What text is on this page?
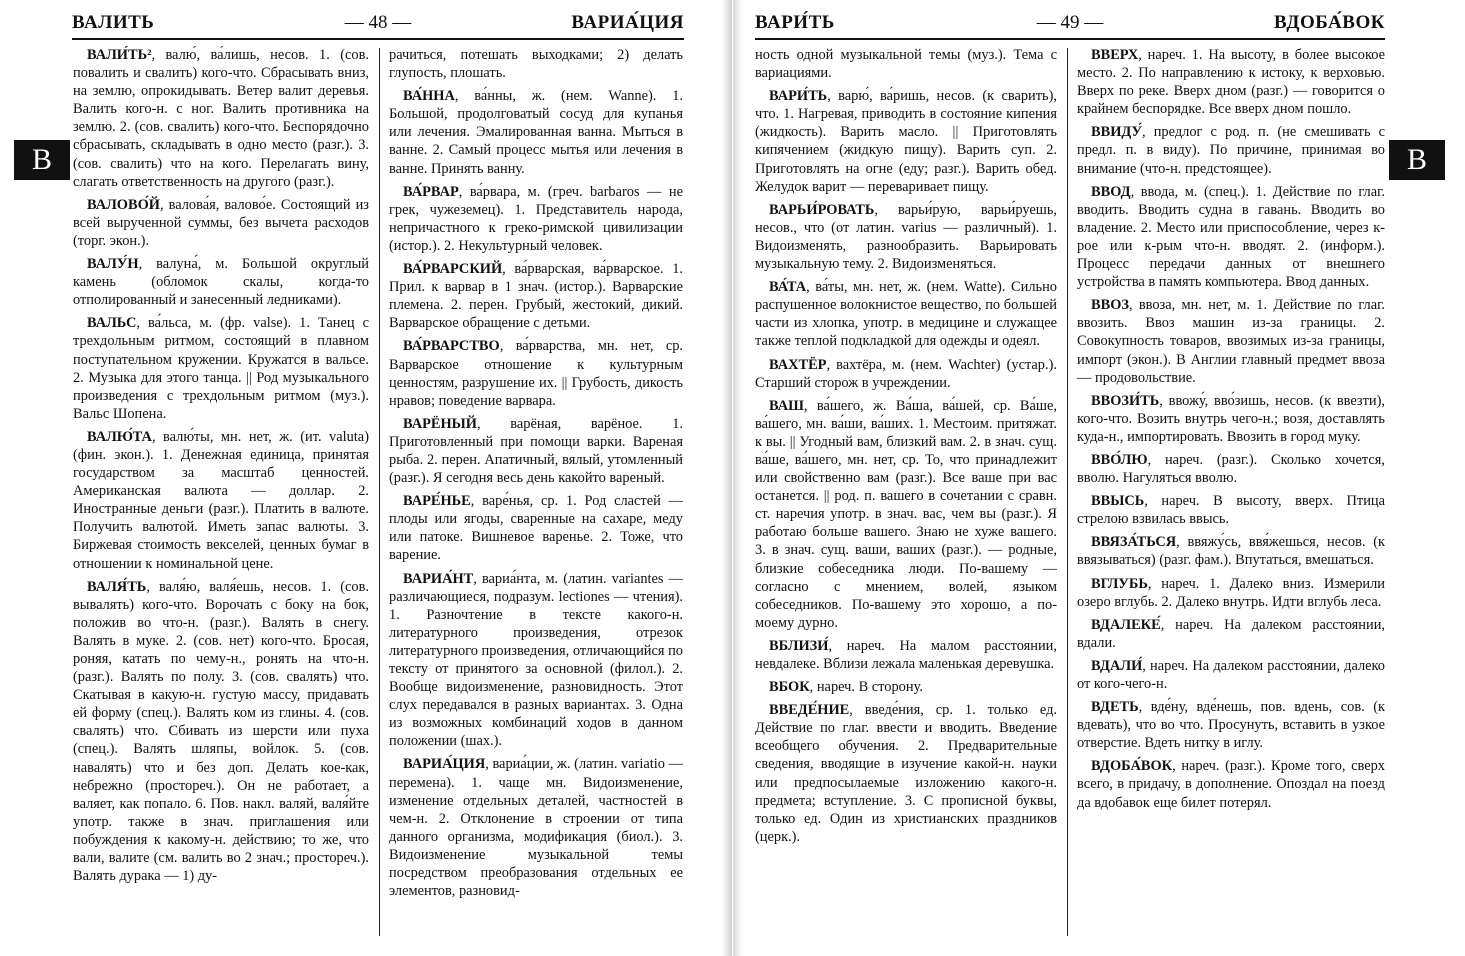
ВАЛИТЬ	— 48 —	ВАРИА́ЦИЯ
В

ВАЛИ́ТЬ², валю́, ва́лишь, несов. 1. (сов. повалить и свалить) кого-что. Сбрасывать вниз, на землю, опрокидывать. Ветер валит деревья. Валить кого-н. с ног. Валить противника на землю. 2. (сов. свалить) кого-что. Беспорядочно сбрасывать, складывать в одно место (разг.). 3. (сов. свалить) что на кого. Перелагать вину, слагать ответственность на другого (разг.).

ВАЛОВО́Й, валова́я, валово́е. Состоящий из всей вырученной суммы, без вычета расходов (торг. экон.).

ВАЛУ́Н, валуна́, м. Большой округлый камень (обломок скалы, когда-то отполированный и занесенный ледниками).

ВАЛЬС, ва́льса, м. (фр. valse). 1. Танец с трехдольным ритмом, состоящий в плавном поступательном кружении. Кружатся в вальсе. 2. Музыка для этого танца. || Род музыкального произведения с трехдольным ритмом (муз.). Вальс Шопена.

ВАЛЮ́ТА, валю́ты, мн. нет, ж. (ит. valuta) (фин. экон.). 1. Денежная единица, принятая государством за масштаб ценностей. Американская валюта — доллар. 2. Иностранные деньги (разг.). Платить в валюте. Получить валютой. Иметь запас валюты. 3. Биржевая стоимость векселей, ценных бумаг в отношении к номинальной цене.

ВАЛЯ́ТЬ, валя́ю, валя́ешь, несов. 1. (сов. вывалять) кого-что. Ворочать с боку на бок, положив во что-н. (разг.). Валять в снегу. Валять в муке. 2. (сов. нет) кого-что. Бросая, роняя, катать по чему-н., ронять на что-н. (разг.). Валять по полу. 3. (сов. свалять) что. Скатывая в какую-н. густую массу, придавать ей форму (спец.). Валять ком из глины. 4. (сов. свалять) что. Сбивать из шерсти или пуха (спец.). Валять шляпы, войлок. 5. (сов. навалять) что и без доп. Делать кое-как, небрежно (простореч.). Он не работает, а валяет, как попало. 6. Пов. накл. валяй, валя́йте употр. также в знач. приглашения или побуждения к какому-н. действию; то же, что вали, валите (см. валить во 2 знач.; простореч.). Валять дурака — 1) ду-

рачиться, потешать выходками; 2) делать глупость, плошать.

ВА́ННА, ва́нны, ж. (нем. Wanne). 1. Большой, продолговатый сосуд для купанья или лечения. Эмалированная ванна. Мыться в ванне. 2. Самый процесс мытья или лечения в ванне. Принять ванну.

ВА́РВАР, ва́рвара, м. (греч. barbaros — не грек, чужеземец). 1. Представитель народа, непричастного к греко-римской цивилизации (истор.). 2. Некультурный человек.

ВА́РВАРСКИЙ, ва́рварская, ва́рварское. 1. Прил. к варвар в 1 знач. (истор.). Варварские племена. 2. перен. Грубый, жестокий, дикий. Варварское обращение с детьми.

ВА́РВАРСТВО, ва́рварства, мн. нет, ср. Варварское отношение к культурным ценностям, разрушение их. || Грубость, дикость нравов; поведение варвара.

ВАРЁНЫЙ, варёная, варёное. 1. Приготовленный при помощи варки. Вареная рыба. 2. перен. Апатичный, вялый, утомленный (разг.). Я сегодня весь день какойто вареный.

ВАРЕ́НЬЕ, варе́нья, ср. 1. Род сластей — плоды или ягоды, сваренные на сахаре, меду или патоке. Вишневое варенье. 2. Тоже, что варение.

ВАРИА́НТ, вариа́нта, м. (латин. variantes — различающиеся, подразум. lectiones — чтения). 1. Разночтение в тексте какого-н. литературного произведения, отрезок литературного произведения, отличающийся по тексту от принятого за основной (филол.). 2. Вообще видоизменение, разновидность. Этот слух передавался в разных вариантах. 3. Одна из возможных комбинаций ходов в данном положении (шах.).

ВАРИА́ЦИЯ, вариа́ции, ж. (латин. variatio — перемена). 1. чаще мн. Видоизменение, изменение отдельных деталей, частностей в чем-н. 2. Отклонение в строении от типа данного организма, модификация (биол.). 3. Видоизменение музыкальной темы посредством преобразования отдельных ее элементов, разновид-

ВАРИ́ТЬ	— 49 —	ВДОБА́ВОК

ность одной музыкальной темы (муз.). Тема с вариациями.

ВАРИ́ТЬ, варю́, ва́ришь, несов. (к сварить), что. 1. Нагревая, приводить в состояние кипения (жидкость). Варить масло. || Приготовлять кипячением (жидкую пищу). Варить суп. 2. Приготовлять на огне (еду; разг.). Варить обед. Желудок варит — переваривает пищу.

ВАРЬИ́РОВАТЬ, варьи́рую, варьи́руешь, несов., что (от латин. varius — различный). 1. Видоизменять, разнообразить. Варьировать музыкальную тему. 2. Видоизменяться.

ВА́ТА, ва́ты, мн. нет, ж. (нем. Watte). Сильно распушенное волокнистое вещество, по большей части из хлопка, употр. в медицине и служащее также теплой подкладкой для одежды и одеял.

ВАХТЁР, вахтёра, м. (нем. Wachter) (устар.). Старший сторож в учреждении.

ВАШ, ва́шего, ж. Ва́ша, ва́шей, ср. Ва́ше, ва́шего, мн. ва́ши, ва́ших. 1. Местоим. притяжат. к вы. || Угодный вам, близкий вам. 2. в знач. сущ. ва́ше, ва́шего, мн. нет, ср. То, что принадлежит или свойственно вам (разг.). Все ваше при вас останется. || род. п. вашего в сочетании с сравн. ст. наречия употр. в знач. вас, чем вы (разг.). Я работаю больше вашего. Знаю не хуже вашего. 3. в знач. сущ. ваши, ваших (разг.). — родные, близкие собеседника люди. По-вашему — согласно с мнением, волей, языком собеседников. По-вашему это хорошо, а по-моему дурно.

ВБЛИЗИ́, нареч. На малом расстоянии, невдалеке. Вблизи лежала маленькая деревушка.

ВБОК, нареч. В сторону.

ВВЕДЕ́НИЕ, введе́ния, ср. 1. только ед. Действие по глаг. ввести и вводить. Введение всеобщего обучения. 2. Предварительные сведения, вводящие в изучение какой-н. науки или предпосылаемые изложению какого-н. предмета; вступление. 3. С прописной буквы, только ед. Один из христианских праздников (церк.).

ВВЕРХ, нареч. 1. На высоту, в более высокое место. 2. По направлению к истоку, к верховью. Вверх по реке. Вверх дном (разг.) — говорится о крайнем беспорядке. Все вверх дном пошло.

ВВИДУ́, предлог с род. п. (не смешивать с предл. п. в виду). По причине, принимая во внимание (что-н. предстоящее).

ВВОД, ввода, м. (спец.). 1. Действие по глаг. вводить. Вводить судна в гавань. Вводить во владение. 2. Место или приспособление, через к-рое или к-рым что-н. вводят. 2. (информ.). Процесс передачи данных от внешнего устройства в память компьютера. Ввод данных.

ВВОЗ, ввоза, мн. нет, м. 1. Действие по глаг. ввозить. Ввоз машин из-за границы. 2. Совокупность товаров, ввозимых из-за границы, импорт (экон.). В Англии главный предмет ввоза — продовольствие.

ВВОЗИ́ТЬ, ввожу́, вво́зишь, несов. (к ввезти), кого-что. Возить внутрь чего-н.; возя, доставлять куда-н., импортировать. Ввозить в город муку.

ВВО́ЛЮ, нареч. (разг.). Сколько хочется, вволю. Нагуляться вволю.

ВВЫСЬ, нареч. В высоту, вверх. Птица стрелою взвилась ввысь.

ВВЯЗА́ТЬСЯ, ввяжу́сь, ввя́жешься, несов. (к ввязываться) (разг. фам.). Впутаться, вмешаться.

ВГЛУБЬ, нареч. 1. Далеко вниз. Измерили озеро вглубь. 2. Далеко внутрь. Идти вглубь леса.

ВДАЛЕКЕ́, нареч. На далеком расстоянии, вдали.

ВДАЛИ́, нареч. На далеком расстоянии, далеко от кого-чего-н.

ВДЕТЬ, вде́ну, вде́нешь, пов. вдень, сов. (к вдевать), что во что. Просунуть, вставить в узкое отверстие. Вдеть нитку в иглу.

ВДОБА́ВОК, нареч. (разг.). Кроме того, сверх всего, в придачу, в дополнение. Опоздал на поезд да вдобавок еще билет потерял.

В
